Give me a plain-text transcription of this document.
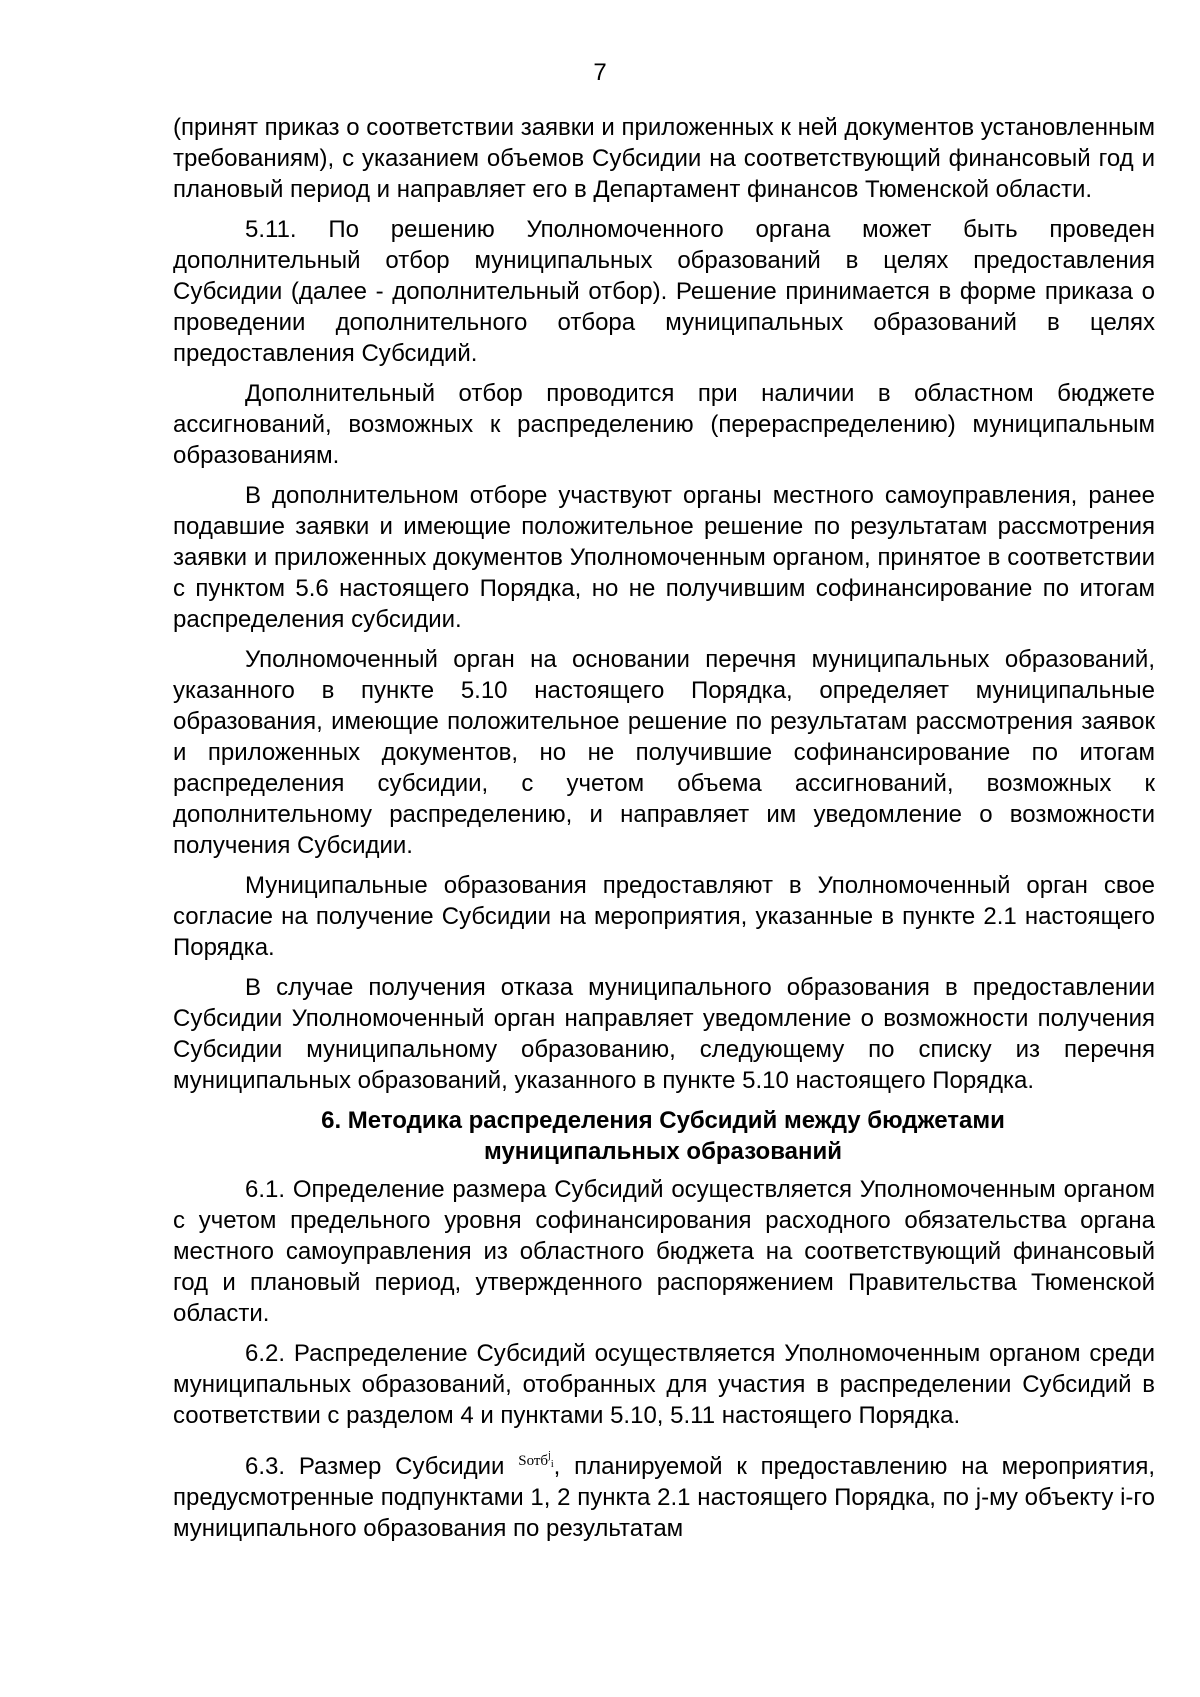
7

(принят приказ о соответствии заявки и приложенных к ней документов установленным требованиям), с указанием объемов Субсидии на соответствующий финансовый год и плановый период и направляет его в Департамент финансов Тюменской области.

5.11. По решению Уполномоченного органа может быть проведен дополнительный отбор муниципальных образований в целях предоставления Субсидии (далее - дополнительный отбор). Решение принимается в форме приказа о проведении дополнительного отбора муниципальных образований в целях предоставления Субсидий.

Дополнительный отбор проводится при наличии в областном бюджете ассигнований, возможных к распределению (перераспределению) муниципальным образованиям.

В дополнительном отборе участвуют органы местного самоуправления, ранее подавшие заявки и имеющие положительное решение по результатам рассмотрения заявки и приложенных документов Уполномоченным органом, принятое в соответствии с пунктом 5.6 настоящего Порядка, но не получившим софинансирование по итогам распределения субсидии.

Уполномоченный орган на основании перечня муниципальных образований, указанного в пункте 5.10 настоящего Порядка, определяет муниципальные образования, имеющие положительное решение по результатам рассмотрения заявок и приложенных документов, но не получившие софинансирование по итогам распределения субсидии, с учетом объема ассигнований, возможных к дополнительному распределению, и направляет им уведомление о возможности получения Субсидии.

Муниципальные образования предоставляют в Уполномоченный орган свое согласие на получение Субсидии на мероприятия, указанные в пункте 2.1 настоящего Порядка.

В случае получения отказа муниципального образования в предоставлении Субсидии Уполномоченный орган направляет уведомление о возможности получения Субсидии муниципальному образованию, следующему по списку из перечня муниципальных образований, указанного в пункте 5.10 настоящего Порядка.

6. Методика распределения Субсидий между бюджетами муниципальных образований

6.1. Определение размера Субсидий осуществляется Уполномоченным органом с учетом предельного уровня софинансирования расходного обязательства органа местного самоуправления из областного бюджета на соответствующий финансовый год и плановый период, утвержденного распоряжением Правительства Тюменской области.

6.2. Распределение Субсидий осуществляется Уполномоченным органом среди муниципальных образований, отобранных для участия в распределении Субсидий в соответствии с разделом 4 и пунктами 5.10, 5.11 настоящего Порядка.

6.3. Размер Субсидии $^{Sотб^j_i}$, планируемой к предоставлению на мероприятия, предусмотренные подпунктами 1, 2 пункта 2.1 настоящего Порядка, по j-му объекту i-го муниципального образования по результатам
